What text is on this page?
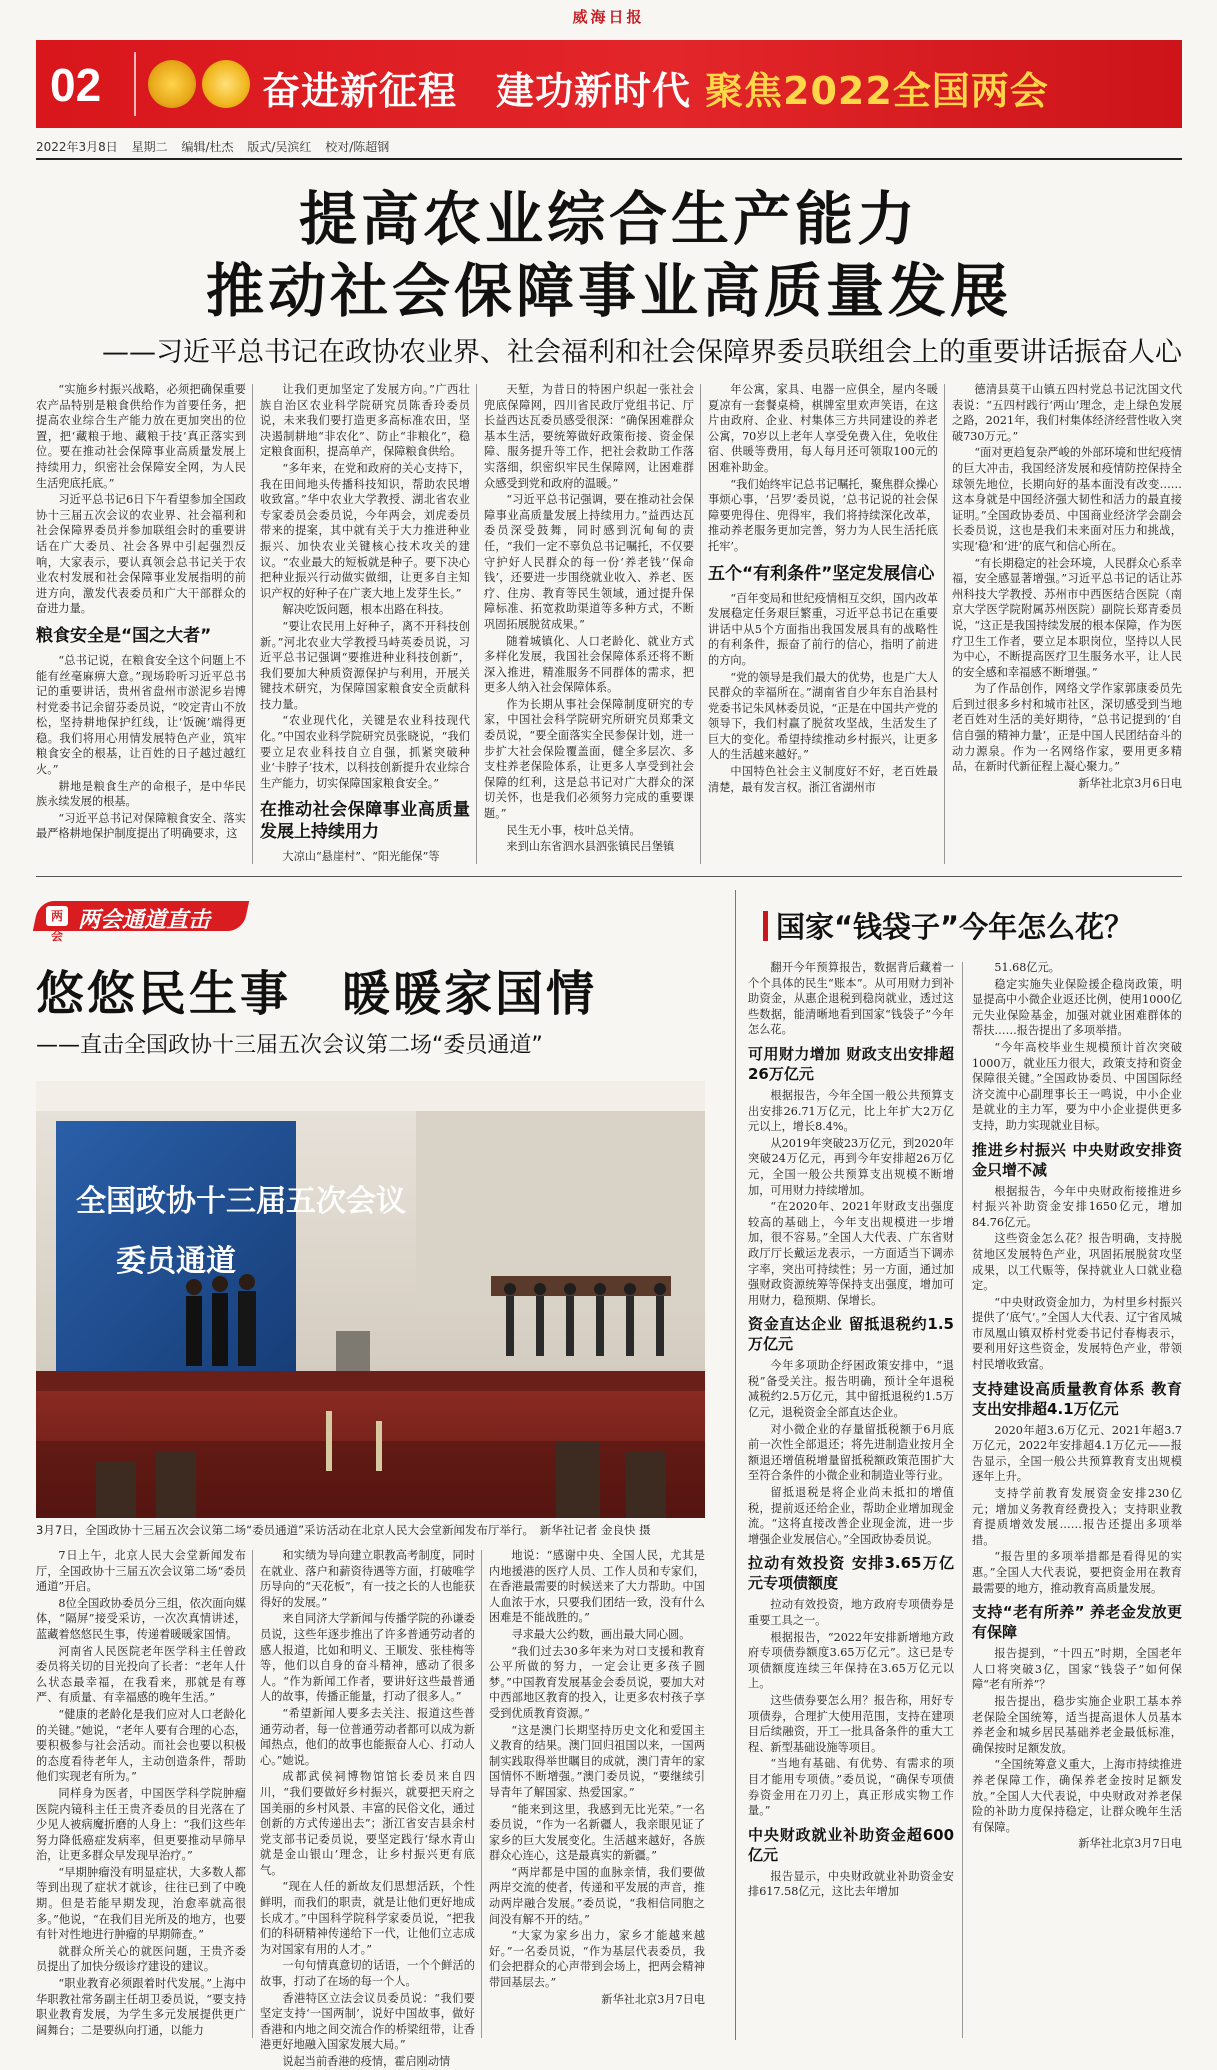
威海日报
02	奋进新征程　建功新时代 聚焦2022全国两会
2022年3月8日 星期二 编辑/杜杰 版式/吴滨红 校对/陈超钢
提高农业综合生产能力
推动社会保障事业高质量发展
——习近平总书记在政协农业界、社会福利和社会保障界委员联组会上的重要讲话振奋人心

“实施乡村振兴战略，必须把确保重要农产品特别是粮食供给作为首要任务，把提高农业综合生产能力放在更加突出的位置，把‘藏粮于地、藏粮于技’真正落实到位。要在推动社会保障事业高质量发展上持续用力，织密社会保障安全网，为人民生活兜底托底。”

习近平总书记6日下午看望参加全国政协十三届五次会议的农业界、社会福利和社会保障界委员并参加联组会时的重要讲话在广大委员、社会各界中引起强烈反响，大家表示，要认真领会总书记关于农业农村发展和社会保障事业发展指明的前进方向，激发代表委员和广大干部群众的奋进力量。

粮食安全是“国之大者”

“总书记说，在粮食安全这个问题上不能有丝毫麻痹大意。”现场聆听习近平总书记的重要讲话，贵州省盘州市淤泥乡岩博村党委书记余留芬委员说，“咬定青山不放松，坚持耕地保护红线，让‘饭碗’端得更稳。我们将用心用情发展特色产业，筑牢粮食安全的根基，让百姓的日子越过越红火。”

耕地是粮食生产的命根子，是中华民族永续发展的根基。

“习近平总书记对保障粮食安全、落实最严格耕地保护制度提出了明确要求，这

让我们更加坚定了发展方向。”广西壮族自治区农业科学院研究员陈香玲委员说，未来我们要打造更多高标准农田，坚决遏制耕地“非农化”、防止“非粮化”，稳定粮食面积，提高单产，保障粮食供给。

“多年来，在党和政府的关心支持下，我在田间地头传播科技知识，帮助农民增收致富。”华中农业大学教授、湖北省农业专家委员会委员说，今年两会，刘虎委员带来的提案，其中就有关于大力推进种业振兴、加快农业关键核心技术攻关的建议。“农业最大的短板就是种子。要下决心把种业振兴行动做实做细，让更多自主知识产权的好种子在广袤大地上发芽生长。”

解决吃饭问题，根本出路在科技。

“要让农民用上好种子，离不开科技创新。”河北农业大学教授马峙英委员说，习近平总书记强调“要推进种业科技创新”，我们要加大种质资源保护与利用，开展关键技术研究，为保障国家粮食安全贡献科技力量。

“农业现代化，关键是农业科技现代化。”中国农业科学院研究员张晓说，“我们要立足农业科技自立自强，抓紧突破种业‘卡脖子’技术，以科技创新提升农业综合生产能力，切实保障国家粮食安全。”

在推动社会保障事业高质量发展上持续用力

大凉山“悬崖村”、“阳光能保”等

天堑，为昔日的特困户织起一张社会兜底保障网，四川省民政厅党组书记、厅长益西达瓦委员感受很深：“确保困难群众基本生活，要统筹做好政策衔接、资金保障、服务提升等工作，把社会救助工作落实落细，织密织牢民生保障网，让困难群众感受到党和政府的温暖。”

“习近平总书记强调，要在推动社会保障事业高质量发展上持续用力。”益西达瓦委员深受鼓舞，同时感到沉甸甸的责任，“我们一定不辜负总书记嘱托，不仅要守护好人民群众的每一份‘养老钱’‘保命钱’，还要进一步围绕就业收入、养老、医疗、住房、教育等民生领域，通过提升保障标准、拓宽救助渠道等多种方式，不断巩固拓展脱贫成果。”

随着城镇化、人口老龄化、就业方式多样化发展，我国社会保障体系还将不断深入推进，精准服务不同群体的需求，把更多人纳入社会保障体系。

作为长期从事社会保障制度研究的专家，中国社会科学院研究所研究员郑秉文委员说，“要全面落实全民参保计划，进一步扩大社会保险覆盖面，健全多层次、多支柱养老保险体系，让更多人享受到社会保障的红利，这是总书记对广大群众的深切关怀，也是我们必须努力完成的重要课题。”

民生无小事，枝叶总关情。

来到山东省泗水县泗张镇民吕堡镇

年公寓，家具、电器一应俱全，屋内冬暖夏凉有一套餐桌椅，棋牌室里欢声笑语，在这片由政府、企业、村集体三方共同建设的养老公寓，70岁以上老年人享受免费入住，免收住宿、供暖等费用，每人每月还可领取100元的困难补助金。

“我们始终牢记总书记嘱托，聚焦群众操心事烦心事，‘吕罗’委员说，‘总书记说的社会保障要兜得住、兜得牢，我们将持续深化改革，推动养老服务更加完善，努力为人民生活托底托牢’。

五个“有利条件”坚定发展信心

“百年变局和世纪疫情相互交织，国内改革发展稳定任务艰巨繁重，习近平总书记在重要讲话中从5个方面指出我国发展具有的战略性的有利条件，振奋了前行的信心，指明了前进的方向。

“党的领导是我们最大的优势，也是广大人民群众的幸福所在。”湖南省自少年东自治县村党委书记朱风林委员说，“正是在中国共产党的领导下，我们村赢了脱贫攻坚战，生活发生了巨大的变化。希望持续推动乡村振兴，让更多人的生活越来越好。”

中国特色社会主义制度好不好，老百姓最清楚，最有发言权。浙江省湖州市

德清县莫干山镇五四村党总书记沈国文代表说：“五四村践行‘两山’理念，走上绿色发展之路，2021年，我们村集体经济经营性收入突破730万元。”

“面对更趋复杂严峻的外部环境和世纪疫情的巨大冲击，我国经济发展和疫情防控保持全球领先地位，长期向好的基本面没有改变……这本身就是中国经济强大韧性和活力的最直接证明。”全国政协委员、中国商业经济学会副会长委员说，这也是我们未来面对压力和挑战，实现‘稳’和‘进’的底气和信心所在。

“有长期稳定的社会环境，人民群众心系幸福，安全感显著增强。”习近平总书记的话让苏州科技大学教授、苏州市中西医结合医院（南京大学医学院附属苏州医院）副院长郑青委员说，“这正是我国持续发展的根本保障，作为医疗卫生工作者，要立足本职岗位，坚持以人民为中心，不断提高医疗卫生服务水平，让人民的安全感和幸福感不断增强。”

为了作品创作，网络文学作家郭康委员先后到过很多乡村和城市社区，深切感受到当地老百姓对生活的美好期待，“总书记提到的‘自信自强的精神力量’，正是中国人民团结奋斗的动力源泉。作为一名网络作家，要用更多精品，在新时代新征程上凝心聚力。”

新华社北京3月6日电

两会
两会通道直击
悠悠民生事　暖暖家国情
——直击全国政协十三届五次会议第二场“委员通道”
全国政协十三届五次会议
委员通道
3月7日，全国政协十三届五次会议第二场“委员通道”采访活动在北京人民大会堂新闻发布厅举行。　新华社记者 金良快 摄

7日上午，北京人民大会堂新闻发布厅，全国政协十三届五次会议第二场“委员通道”开启。

8位全国政协委员分三组，依次面向媒体，“隔屏”接受采访，一次次真情讲述，蓝藏着悠悠民生事，传递着暖暖家国情。

河南省人民医院老年医学科主任曾政委员将关切的目光投向了长者：“老年人什么状态最幸福，在我看来，那就是有尊严、有质量、有幸福感的晚年生活。”

“健康的老龄化是我们应对人口老龄化的关键。”她说，“老年人要有合理的心态，要积极参与社会活动。而社会也要以积极的态度看待老年人，主动创造条件，帮助他们实现老有所为。”

同样身为医者，中国医学科学院肿瘤医院内镜科主任王贵齐委员的目光落在了少见人被病魔折磨的人身上：“我们这些年努力降低癌症发病率，但更要推动早筛早治，让更多群众早发现早治疗。”

“早期肿瘤没有明显症状，大多数人都等到出现了症状才就诊，往往已到了中晚期。但是若能早期发现，治愈率就高很多。”他说，“在我们目光所及的地方，也要有针对性地进行肿瘤的早期筛查。”

就群众所关心的就医问题，王贵齐委员提出了加快分级诊疗建设的建议。

“职业教育必须跟着时代发展。”上海中华职教社常务副主任胡卫委员说，“要支持职业教育发展，为学生多元发展提供更广阔舞台；二是要纵向打通，以能力

和实绩为导向建立职教高考制度，同时在就业、落户和薪资待遇等方面，打破唯学历导向的“天花板”，有一技之长的人也能获得好的发展。”

来自同济大学新闻与传播学院的孙谦委员说，这些年逐步推出了许多普通劳动者的感人报道，比如和明义、王顺发、张桂梅等等，他们以自身的奋斗精神，感动了很多人。“作为新闻工作者，要讲好这些最普通人的故事，传播正能量，打动了很多人。”

“希望新闻人要多去关注、报道这些普通劳动者，每一位普通劳动者都可以成为新闻热点，他们的故事也能振奋人心、打动人心。”她说。

成都武侯祠博物馆馆长委员来自四川，“我们要做好乡村振兴，就要把天府之国美丽的乡村风景、丰富的民俗文化，通过创新的方式传递出去”；浙江省安吉县余村党支部书记委员说，要坚定践行‘绿水青山就是金山银山’理念，让乡村振兴更有底气。

“现在人任的新故友们思想活跃，个性鲜明，而我们的职责，就是让他们更好地成长成才。”中国科学院科学家委员说，“把我们的科研精神传递给下一代，让他们立志成为对国家有用的人才。”

一句句情真意切的话语，一个个鲜活的故事，打动了在场的每一个人。

香港特区立法会议员委员说：“我们要坚定支持‘一国两制’，说好中国故事，做好香港和内地之间交流合作的桥梁纽带，让香港更好地融入国家发展大局。”

说起当前香港的疫情，霍启刚动情

地说：“感谢中央、全国人民，尤其是内地援港的医疗人员、工作人员和专家们，在香港最需要的时候送来了大力帮助。中国人血浓于水，只要我们团结一致，没有什么困难是不能战胜的。”

寻求最大公约数，画出最大同心圆。

“我们过去30多年来为对口支援和教育公平所做的努力，一定会让更多孩子圆梦。”中国教育发展基金会委员说，要加大对中西部地区教育的投入，让更多农村孩子享受到优质教育资源。”

“这是澳门长期坚持历史文化和爱国主义教育的结果。澳门回归祖国以来，一国两制实践取得举世瞩目的成就，澳门青年的家国情怀不断增强。”澳门委员说，“要继续引导青年了解国家、热爱国家。”

“能来到这里，我感到无比光荣。”一名委员说，“作为一名新疆人，我亲眼见证了家乡的巨大发展变化。生活越来越好，各族群众心连心，这是最真实的新疆。”

“两岸都是中国的血脉亲情，我们要做两岸交流的使者，传递和平发展的声音，推动两岸融合发展。”委员说，“我相信同胞之间没有解不开的结。”

“大家为家乡出力，家乡才能越来越好。”一名委员说，“作为基层代表委员，我们会把群众的心声带到会场上，把两会精神带回基层去。”

新华社北京3月7日电

国家“钱袋子”今年怎么花？

翻开今年预算报告，数据背后藏着一个个具体的民生“账本”。从可用财力到补助资金，从惠企退税到稳岗就业，透过这些数据，能清晰地看到国家“钱袋子”今年怎么花。

可用财力增加 财政支出安排超26万亿元

根据报告，今年全国一般公共预算支出安排26.71万亿元，比上年扩大2万亿元以上，增长8.4%。

从2019年突破23万亿元，到2020年突破24万亿元，再到今年安排超26万亿元，全国一般公共预算支出规模不断增加，可用财力持续增加。

“在2020年、2021年财政支出强度较高的基础上，今年支出规模进一步增加，很不容易。”全国人大代表、广东省财政厅厅长戴运龙表示，一方面适当下调赤字率，突出可持续性；另一方面，通过加强财政资源统筹等保持支出强度，增加可用财力，稳预期、保增长。

资金直达企业 留抵退税约1.5万亿元

今年多项助企纾困政策安排中，“退税”备受关注。报告明确，预计全年退税减税约2.5万亿元，其中留抵退税约1.5万亿元，退税资金全部直达企业。

对小微企业的存量留抵税额于6月底前一次性全部退还；将先进制造业按月全额退还增值税增量留抵税额政策范围扩大至符合条件的小微企业和制造业等行业。

留抵退税是将企业尚未抵扣的增值税，提前返还给企业，帮助企业增加现金流。“这将直接改善企业现金流，进一步增强企业发展信心。”全国政协委员说。

拉动有效投资 安排3.65万亿元专项债额度

拉动有效投资，地方政府专项债券是重要工具之一。

根据报告，“2022年安排新增地方政府专项债券额度3.65万亿元”。这已是专项债额度连续三年保持在3.65万亿元以上。

这些债券要怎么用？报告称，用好专项债券，合理扩大使用范围，支持在建项目后续融资，开工一批具备条件的重大工程、新型基础设施等项目。

“当地有基础、有优势、有需求的项目才能用专项债。”委员说，“确保专项债券资金用在刀刃上，真正形成实物工作量。”

中央财政就业补助资金超600亿元

报告显示，中央财政就业补助资金安排617.58亿元，这比去年增加

51.68亿元。

稳定实施失业保险援企稳岗政策，明显提高中小微企业返还比例，使用1000亿元失业保险基金，加强对就业困难群体的帮扶……报告提出了多项举措。

“今年高校毕业生规模预计首次突破1000万，就业压力很大，政策支持和资金保障很关键。”全国政协委员、中国国际经济交流中心副理事长王一鸣说，中小企业是就业的主力军，要为中小企业提供更多支持，助力实现就业目标。

推进乡村振兴 中央财政安排资金只增不减

根据报告，今年中央财政衔接推进乡村振兴补助资金安排1650亿元，增加84.76亿元。

这些资金怎么花？报告明确，支持脱贫地区发展特色产业，巩固拓展脱贫攻坚成果，以工代赈等，保持就业人口就业稳定。

“中央财政资金加力，为村里乡村振兴提供了‘底气’。”全国人大代表、辽宁省凤城市凤凰山镇双桥村党委书记付春梅表示，要利用好这些资金，发展特色产业，带领村民增收致富。

支持建设高质量教育体系 教育支出安排超4.1万亿元

2020年超3.6万亿元、2021年超3.7万亿元，2022年安排超4.1万亿元——报告显示，全国一般公共预算教育支出规模逐年上升。

支持学前教育发展资金安排230亿元；增加义务教育经费投入；支持职业教育提质增效发展……报告还提出多项举措。

“报告里的多项举措都是看得见的实惠。”全国人大代表说，要把资金用在教育最需要的地方，推动教育高质量发展。

支持“老有所养” 养老金发放更有保障

报告提到，“十四五”时期，全国老年人口将突破3亿，国家“钱袋子”如何保障“老有所养”？

报告提出，稳步实施企业职工基本养老保险全国统筹，适当提高退休人员基本养老金和城乡居民基础养老金最低标准，确保按时足额发放。

“全国统筹意义重大，上海市持续推进养老保障工作，确保养老金按时足额发放。”全国人大代表说，中央财政对养老保险的补助力度保持稳定，让群众晚年生活有保障。

新华社北京3月7日电
